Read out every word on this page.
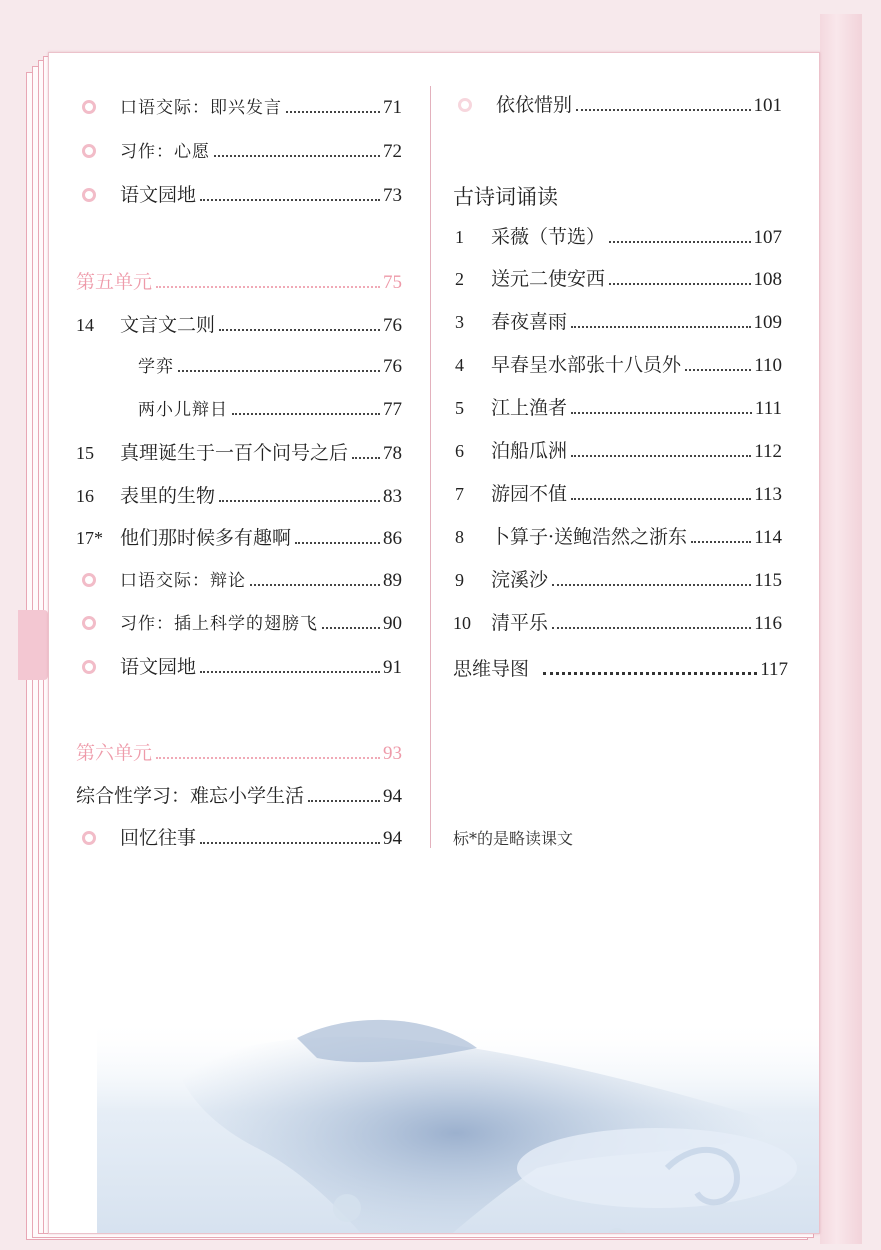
口语交际：即兴发言	71
习作：心愿	72
语文园地	73
第五单元	75
14	文言文二则	76
学弈	76
两小儿辩日	77
15	真理诞生于一百个问号之后 78
16	表里的生物	83
17* 他们那时候多有趣啊	86
口语交际：辩论	89
习作：插上科学的翅膀飞	90
语文园地	91
第六单元	93
综合性学习：难忘小学生活	94
回忆往事	94
依依惜别	101
古诗词诵读
1	采薇（节选）	107
2	送元二使安西	108
3	春夜喜雨	109
4	早春呈水部张十八员外	110
5	江上渔者	111
6	泊船瓜洲	112
7	游园不值	113
8	卜算子·送鲍浩然之浙东	114
9	浣溪沙	115
10	清平乐	116
思维导图	117
标*的是略读课文
